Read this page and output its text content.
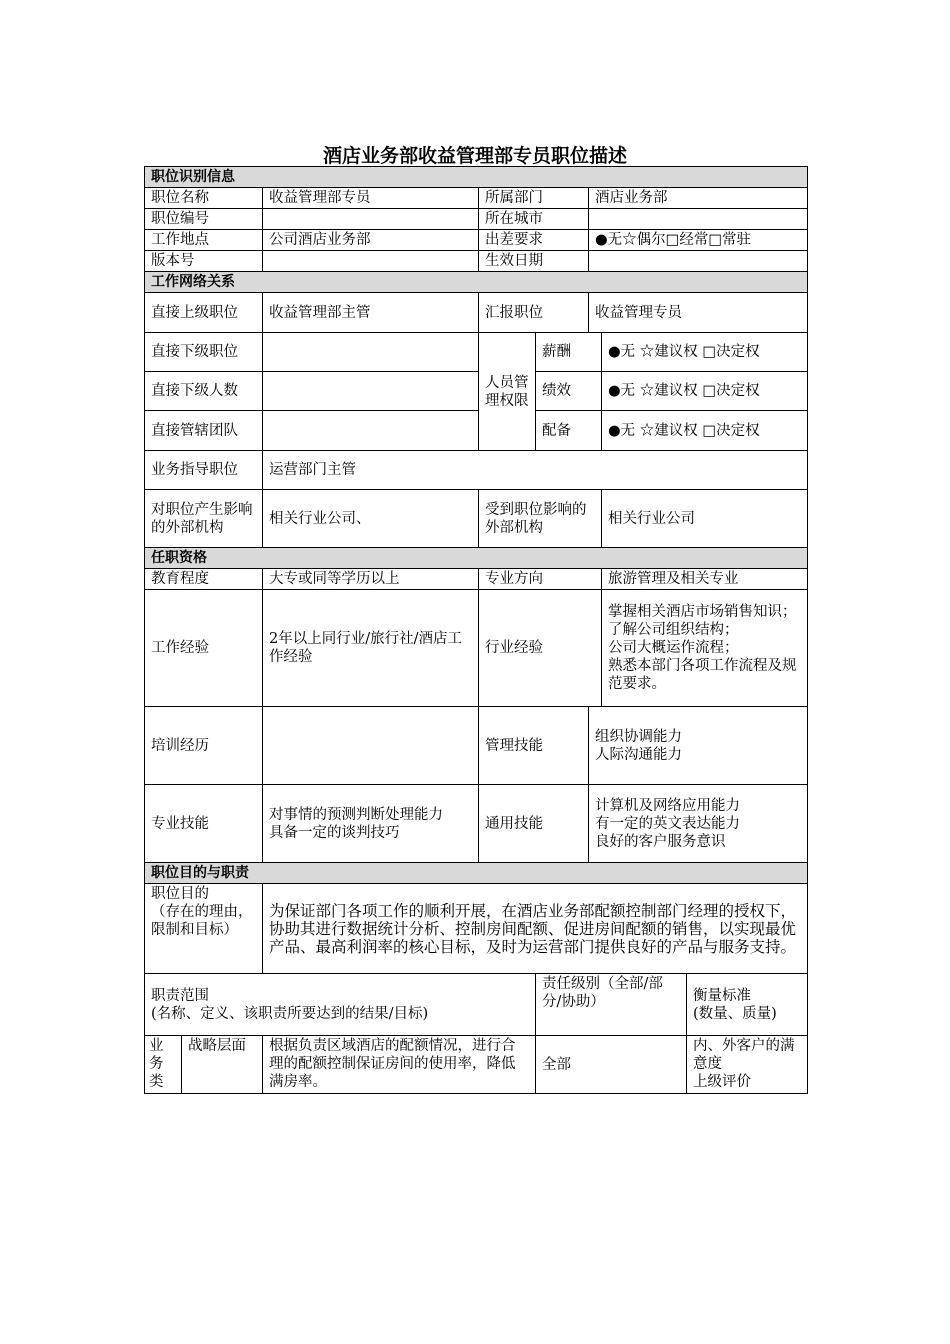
酒店业务部收益管理部专员职位描述
职位识别信息							
职位名称		收益管理部专员	所属部门		酒店业务部		
职位编号			所在城市				
工作地点		公司酒店业务部	出差要求		●无☆偶尔□经常□常驻		
版本号			生效日期				
工作网络关系							
直接上级职位		收益管理部主管	汇报职位		收益管理专员		
直接下级职位			人员管理权限	薪酬		●无 ☆建议权 □决定权	
直接下级人数				绩效		●无 ☆建议权 □决定权	
直接管辖团队				配备		●无 ☆建议权 □决定权	
业务指导职位		运营部门主管					
对职位产生影响的外部机构		相关行业公司、	受到职位影响的外部机构			相关行业公司	
任职资格							
教育程度		大专或同等学历以上	专业方向			旅游管理及相关专业	
工作经验		2年以上同行业/旅行社/酒店工作经验	行业经验			掌握相关酒店市场销售知识；
了解公司组织结构；
公司大概运作流程；
熟悉本部门各项工作流程及规范要求。	

培训经历			管理技能		组织协调能力
人际沟通能力		

专业技能		对事情的预测判断处理能力
具备一定的谈判技巧	通用技能		计算机及网络应用能力
有一定的英文表达能力
良好的客户服务意识		

职位目的与职责							

职位目的
（存在的理由，限制和目标）		为保证部门各项工作的顺利开展，在酒店业务部配额控制部门经理的授权下，协助其进行数据统计分析、控制房间配额、促进房间配额的销售，以实现最优产品、最高利润率的核心目标，及时为运营部门提供良好的产品与服务支持。					

职责范围
(名称、定义、该职责所要达到的结果/目标)				责任级别（全部/部分/协助）			衡量标准
(数量、质量)

业务类	战略层面	根据负责区域酒店的配额情况，进行合理的配额控制保证房间的使用率，降低满房率。		全部			内、外客户的满意度
上级评价
